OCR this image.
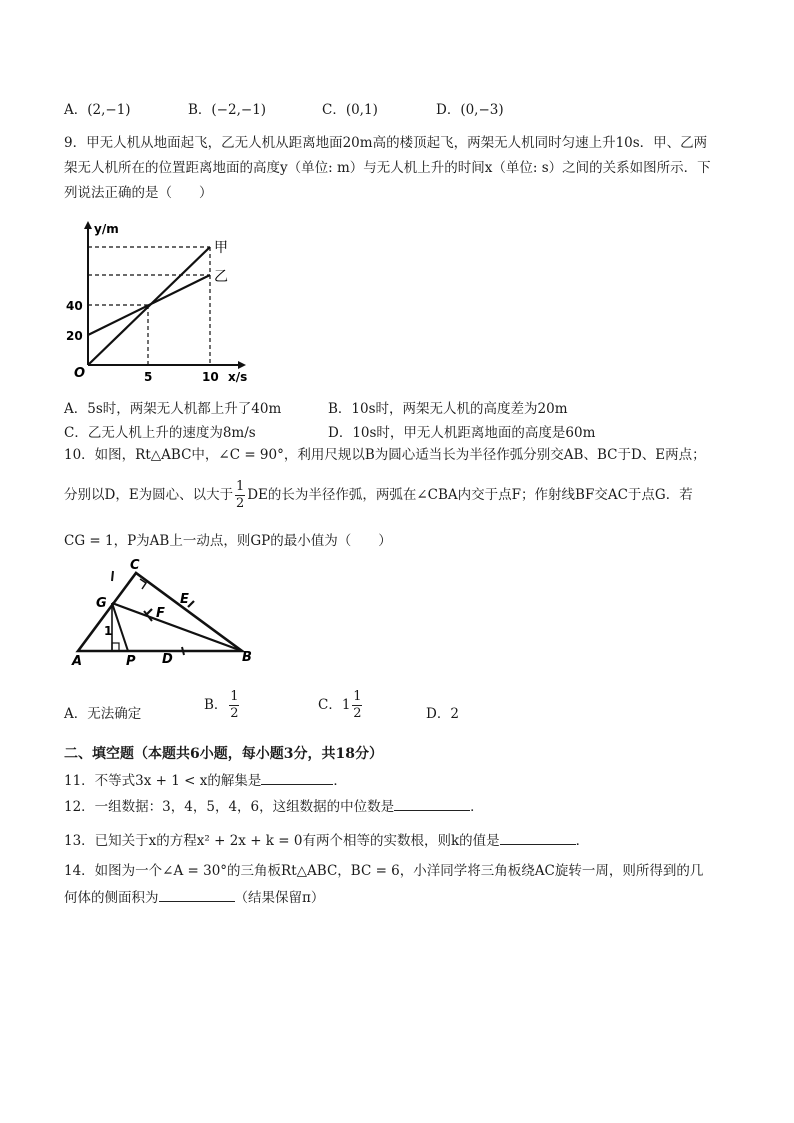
A．(2,−1)	B．(−2,−1)	C．(0,1)	D．(0,−3)
9．甲无人机从地面起飞，乙无人机从距离地面20m高的楼顶起飞，两架无人机同时匀速上升10s．甲、乙两
架无人机所在的位置距离地面的高度y（单位: m）与无人机上升的时间x（单位: s）之间的关系如图所示．下
列说法正确的是（　　）
y/m
x/s
O
甲
乙
40
20
5	10
A．5s时，两架无人机都上升了40m	B．10s时，两架无人机的高度差为20m
C．乙无人机上升的速度为8m/s	D．10s时，甲无人机距离地面的高度是60m
10．如图，Rt△ABC中，∠C = 90°，利用尺规以B为圆心适当长为半径作弧分别交AB、BC于D、E两点；
分别以D，E为圆心、以大于 $\frac{1}{2}$ DE的长为半径作弧，两弧在∠CBA内交于点F；作射线BF交AC于点G．若
CG = 1，P为AB上一动点，则GP的最小值为（　　）
C
G	E
F
A	P D	B
1
A．无法确定
B． $\frac{1}{2}$	C．$1 \frac{1}{2}$	D．2
二、填空题（本题共6小题，每小题3分，共18分）
11．不等式3x + 1 < x的解集是	．
12．一组数据：3，4，5，4，6，这组数据的中位数是	．
13．已知关于x的方程x² + 2x + k = 0有两个相等的实数根，则k的值是	．
14．如图为一个∠A = 30°的三角板Rt△ABC，BC = 6，小洋同学将三角板绕AC旋转一周，则所得到的几
何体的侧面积为	（结果保留π）
